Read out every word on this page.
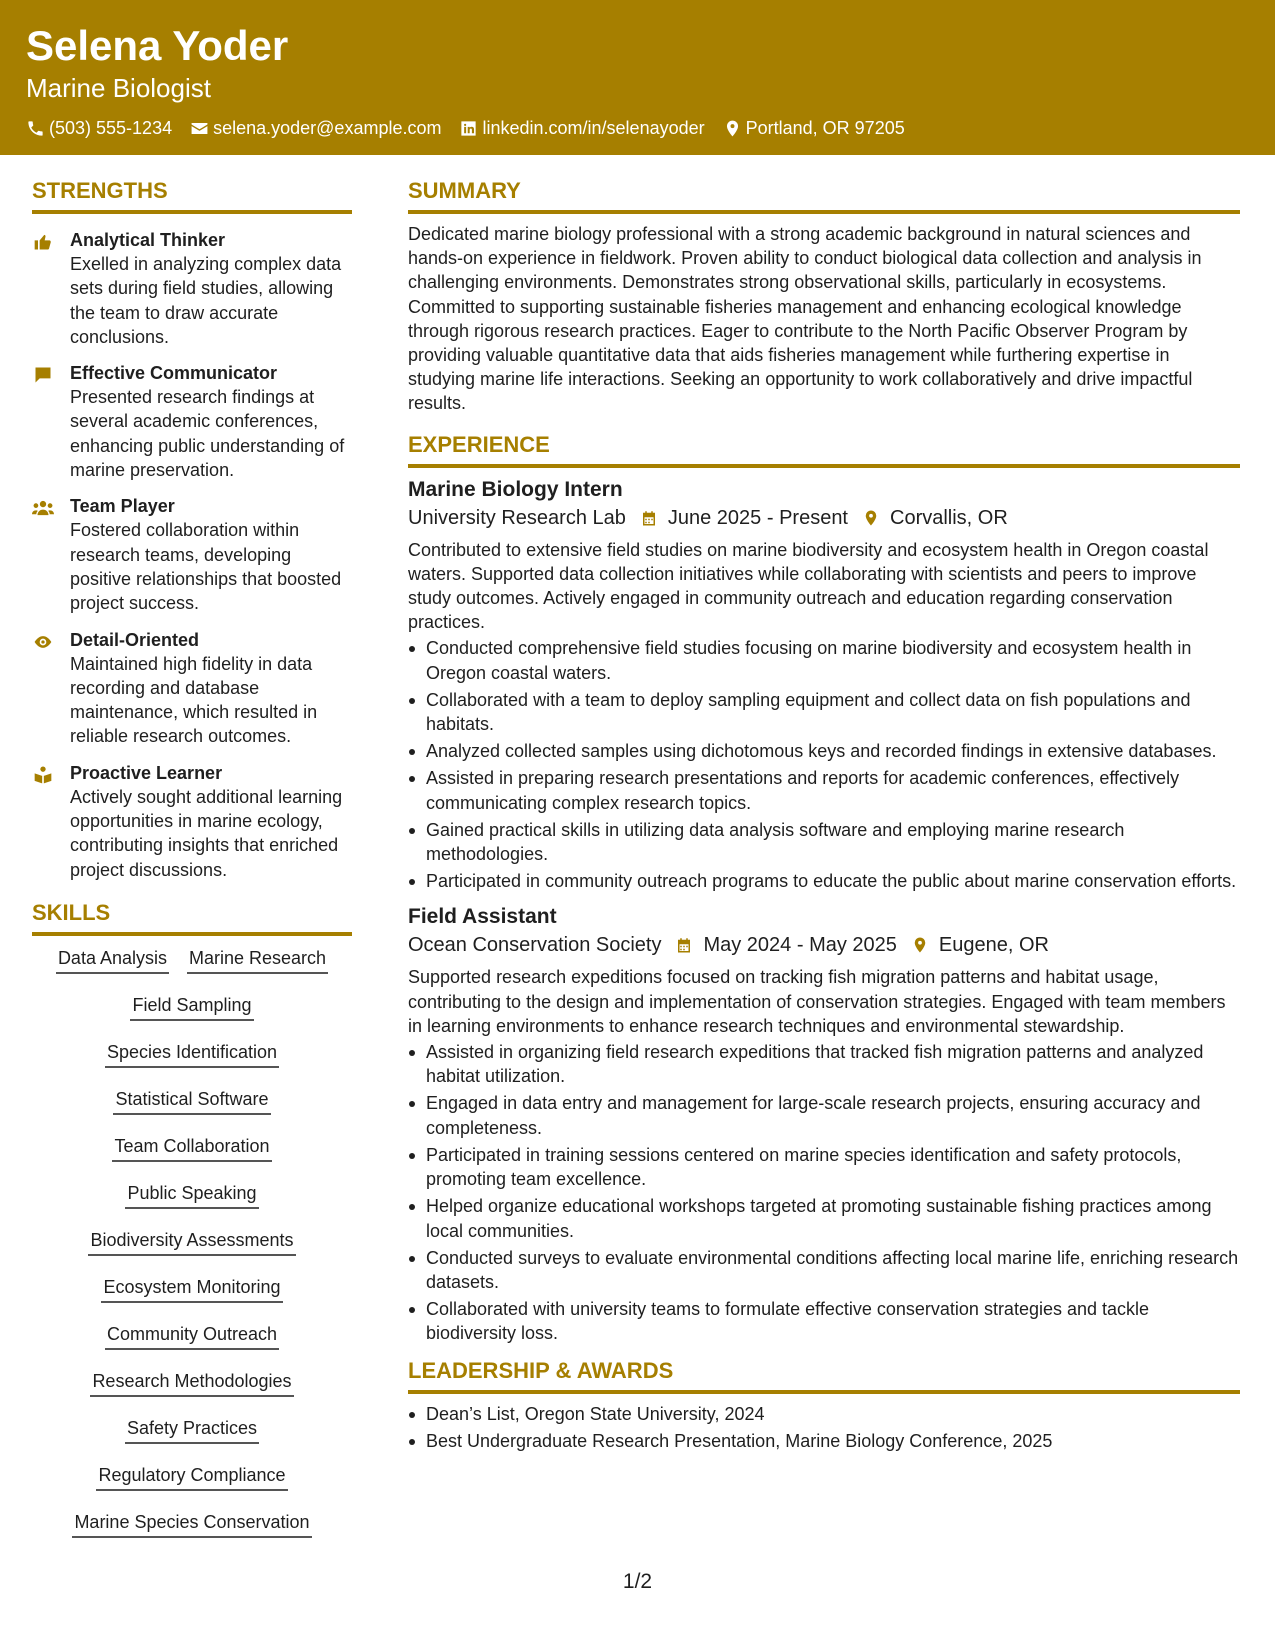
Selena Yoder
Marine Biologist
(503) 555-1234 selena.yoder@example.com linkedin.com/in/selenayoder Portland, OR 97205
STRENGTHS
Analytical Thinker
Exelled in analyzing complex data sets during field studies, allowing the team to draw accurate conclusions.
Effective Communicator
Presented research findings at several academic conferences, enhancing public understanding of marine preservation.
Team Player
Fostered collaboration within research teams, developing positive relationships that boosted project success.
Detail-Oriented
Maintained high fidelity in data recording and database maintenance, which resulted in reliable research outcomes.
Proactive Learner
Actively sought additional learning opportunities in marine ecology, contributing insights that enriched project discussions.
SKILLS
Data Analysis Marine Research
Field Sampling
Species Identification
Statistical Software
Team Collaboration
Public Speaking
Biodiversity Assessments
Ecosystem Monitoring
Community Outreach
Research Methodologies
Safety Practices
Regulatory Compliance
Marine Species Conservation
SUMMARY
Dedicated marine biology professional with a strong academic background in natural sciences and hands-on experience in fieldwork. Proven ability to conduct biological data collection and analysis in challenging environments. Demonstrates strong observational skills, particularly in ecosystems. Committed to supporting sustainable fisheries management and enhancing ecological knowledge through rigorous research practices. Eager to contribute to the North Pacific Observer Program by providing valuable quantitative data that aids fisheries management while furthering expertise in studying marine life interactions. Seeking an opportunity to work collaboratively and drive impactful results.
EXPERIENCE
Marine Biology Intern
University Research Lab June 2025 - Present Corvallis, OR
Contributed to extensive field studies on marine biodiversity and ecosystem health in Oregon coastal waters. Supported data collection initiatives while collaborating with scientists and peers to improve study outcomes. Actively engaged in community outreach and education regarding conservation practices.
Conducted comprehensive field studies focusing on marine biodiversity and ecosystem health in Oregon coastal waters.
Collaborated with a team to deploy sampling equipment and collect data on fish populations and habitats.
Analyzed collected samples using dichotomous keys and recorded findings in extensive databases.
Assisted in preparing research presentations and reports for academic conferences, effectively communicating complex research topics.
Gained practical skills in utilizing data analysis software and employing marine research methodologies.
Participated in community outreach programs to educate the public about marine conservation efforts.
Field Assistant
Ocean Conservation Society May 2024 - May 2025 Eugene, OR
Supported research expeditions focused on tracking fish migration patterns and habitat usage, contributing to the design and implementation of conservation strategies. Engaged with team members in learning environments to enhance research techniques and environmental stewardship.
Assisted in organizing field research expeditions that tracked fish migration patterns and analyzed habitat utilization.
Engaged in data entry and management for large-scale research projects, ensuring accuracy and completeness.
Participated in training sessions centered on marine species identification and safety protocols, promoting team excellence.
Helped organize educational workshops targeted at promoting sustainable fishing practices among local communities.
Conducted surveys to evaluate environmental conditions affecting local marine life, enriching research datasets.
Collaborated with university teams to formulate effective conservation strategies and tackle biodiversity loss.
LEADERSHIP & AWARDS
Dean’s List, Oregon State University, 2024
Best Undergraduate Research Presentation, Marine Biology Conference, 2025
1/2
